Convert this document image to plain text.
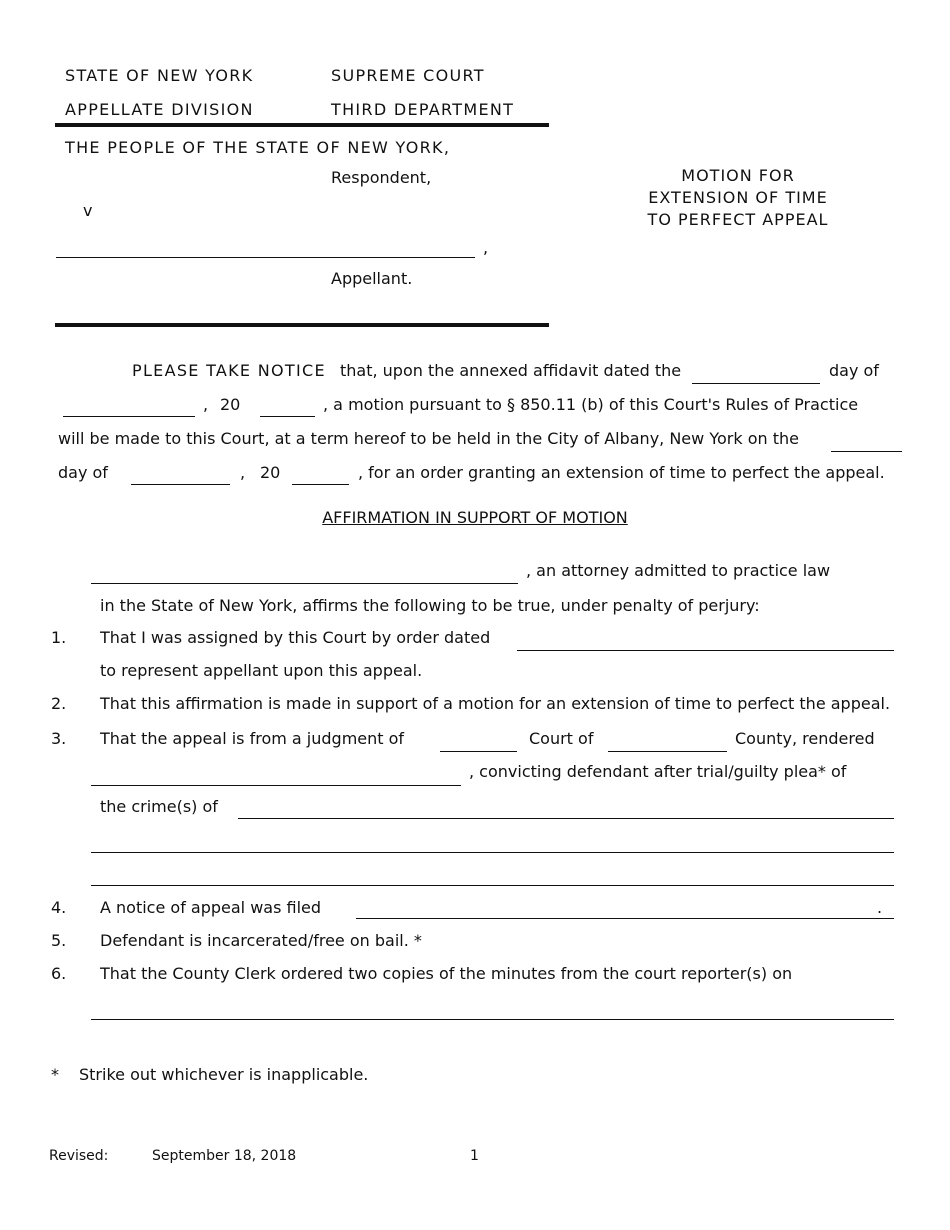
STATE OF NEW YORK	SUPREME COURT
APPELLATE DIVISION	THIRD DEPARTMENT
THE PEOPLE OF THE STATE OF NEW YORK,
Respondent,
v
,
Appellant.
MOTION FOR
EXTENSION OF TIME
TO PERFECT APPEAL
PLEASE TAKE NOTICE that, upon the annexed affidavit dated the	day of
, 20	, a motion pursuant to § 850.11 (b) of this Court's Rules of Practice
will be made to this Court, at a term hereof to be held in the City of Albany, New York on the
day of	, 20	, for an order granting an extension of time to perfect the appeal.
AFFIRMATION IN SUPPORT OF MOTION
, an attorney admitted to practice law
in the State of New York, affirms the following to be true, under penalty of perjury:
1. That I was assigned by this Court by order dated
to represent appellant upon this appeal.
2. That this affirmation is made in support of a motion for an extension of time to perfect the appeal.
3. That the appeal is from a judgment of	Court of	County, rendered
, convicting defendant after trial/guilty plea* of
the crime(s) of
4. A notice of appeal was filed	.
5. Defendant is incarcerated/free on bail. *
6. That the County Clerk ordered two copies of the minutes from the court reporter(s) on
* Strike out whichever is inapplicable.
Revised:	September 18, 2018	1
